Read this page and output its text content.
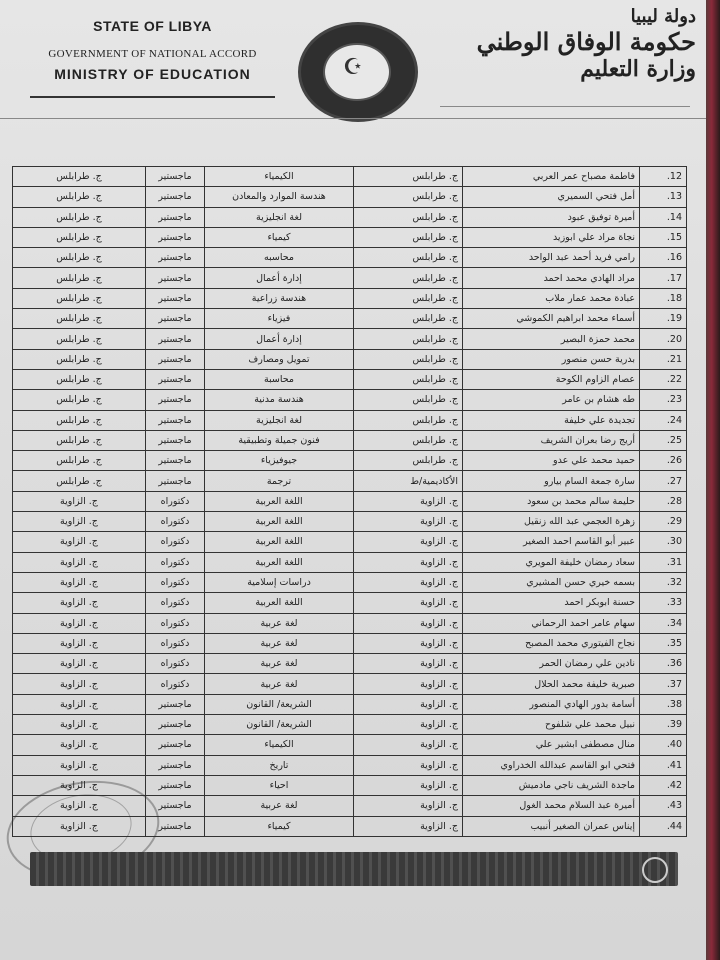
STATE OF LIBYA
GOVERNMENT OF NATIONAL ACCORD
MINISTRY OF EDUCATION	☪
دولة ليبيا
حكومة الوفاق الوطني
وزارة التعليم
ج. طرابلس	ماجستير	الكيمياء	ج. طرابلس	فاطمة مصباح عمر العربي	12.
ج. طرابلس	ماجستير	هندسة الموارد والمعادن	ج. طرابلس	أمل فتحي السميري	13.
ج. طرابلس	ماجستير	لغة انجليزية	ج. طرابلس	أميرة توفيق عبود	14.
ج. طرابلس	ماجستير	كيمياء	ج. طرابلس	نجاة مراد علي ابوزيد	15.
ج. طرابلس	ماجستير	محاسبه	ج. طرابلس	رامي فريد أحمد عبد الواحد	16.
ج. طرابلس	ماجستير	إدارة أعمال	ج. طرابلس	مراد الهادي محمد احمد	17.
ج. طرابلس	ماجستير	هندسة زراعية	ج. طرابلس	عبادة محمد عمار ملاب	18.
ج. طرابلس	ماجستير	فيزياء	ج. طرابلس	أسماء محمد ابراهيم الكموشي	19.
ج. طرابلس	ماجستير	إدارة أعمال	ج. طرابلس	محمد حمزة البصير	20.
ج. طرابلس	ماجستير	تمويل ومصارف	ج. طرابلس	بدرية حسن منصور	21.
ج. طرابلس	ماجستير	محاسبة	ج. طرابلس	عصام الزاوم الكوحة	22.
ج. طرابلس	ماجستير	هندسة مدنية	ج. طرابلس	طه هشام بن عامر	23.
ج. طرابلس	ماجستير	لغة انجليزية	ج. طرابلس	تجديدة علي خليفة	24.
ج. طرابلس	ماجستير	فنون جميلة وتطبيقية	ج. طرابلس	أريج رضا بعران الشريف	25.
ج. طرابلس	ماجستير	جيوفيزياء	ج. طرابلس	حميد محمد علي عدو	26.
ج. طرابلس	ماجستير	ترجمة	الأكاديمية/ط	سارة جمعة السام بيارو	27.
ج. الزاوية	دكتوراه	اللغة العربية	ج. الزاوية	حليمة سالم محمد بن سعود	28.
ج. الزاوية	دكتوراه	اللغة العربية	ج. الزاوية	زهرة العجمي عبد الله زنقيل	29.
ج. الزاوية	دكتوراه	اللغة العربية	ج. الزاوية	عبير أبو القاسم احمد الصغير	30.
ج. الزاوية	دكتوراه	اللغة العربية	ج. الزاوية	سعاد رمضان خليفة المويري	31.
ج. الزاوية	دكتوراه	دراسات إسلامية	ج. الزاوية	بسمه خيري حسن المشيري	32.
ج. الزاوية	دكتوراه	اللغة العربية	ج. الزاوية	حسنة ابوبكر احمد	33.
ج. الزاوية	دكتوراه	لغة عربية	ج. الزاوية	سهام عامر احمد الرحماني	34.
ج. الزاوية	دكتوراه	لغة عربية	ج. الزاوية	نجاح الفيتوري محمد المصبح	35.
ج. الزاوية	دكتوراه	لغة عربية	ج. الزاوية	نادين علي رمضان الحمر	36.
ج. الزاوية	دكتوراه	لغة عربية	ج. الزاوية	صبرية خليفة محمد الحلال	37.
ج. الزاوية	ماجستير	الشريعة/ القانون	ج. الزاوية	أسامة بدور الهادي المنصور	38.
ج. الزاوية	ماجستير	الشريعة/ القانون	ج. الزاوية	نبيل محمد علي شلفوح	39.
ج. الزاوية	ماجستير	الكيمياء	ج. الزاوية	منال مصطفى ابشير علي	40.
ج. الزاوية	ماجستير	تاريخ	ج. الزاوية	فتحي ابو القاسم عبدالله الخدراوي	41.
ج. الزاوية	ماجستير	احياء	ج. الزاوية	ماجدة الشريف ناجي مادميش	42.
ج. الزاوية	ماجستير	لغة عربية	ج. الزاوية	أميرة عبد السلام محمد الغول	43.
ج. الزاوية	ماجستير	كيمياء	ج. الزاوية	إيناس عمران الصغير أنبيب	44.
